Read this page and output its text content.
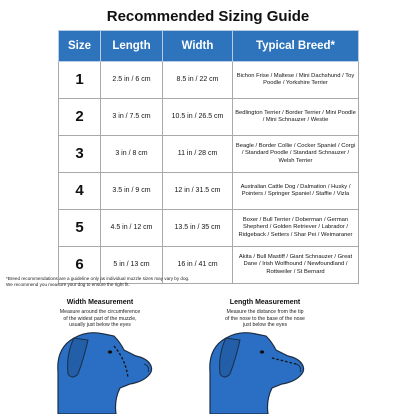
Recommended Sizing Guide
Size	Length	Width	Typical Breed*
1	2.5 in / 6 cm	8.5 in / 22 cm	Bichon Frise / Maltese / Mini Dachshund / Toy Poodle / Yorkshire Terrier
2	3 in / 7.5 cm	10.5 in / 26.5 cm	Bedlington Terrier / Border Terrier / Mini Poodle / Mini Schnauzer / Westie
3	3 in / 8 cm	11 in / 28 cm	Beagle / Border Collie / Cocker Spaniel / Corgi / Standard Poodle / Standard Schnauzer / Welsh Terrier
4	3.5 in / 9 cm	12 in / 31.5 cm	Australian Cattle Dog / Dalmation / Husky / Pointers / Springer Spaniel / Staffie / Vizla
5	4.5 in / 12 cm	13.5 in / 35 cm	Boxer / Bull Terrier / Doberman / German Shepherd / Golden Retriever / Labrador / Ridgeback / Setters / Shar Pei / Weimaraner
6	5 in / 13 cm	16 in / 41 cm	Akita / Bull Mastiff / Giant Schnauzer / Great Dane / Irish Wolfhound / Newfoundland / Rottweiler / St Bernard
*Breed recommendations are a guideline only as individual muzzle sizes may vary by dog.
We recommend you measure your dog to ensure the right fit.
Width Measurement
Measure around the circumference
of the widest part of the muzzle,
usually just below the eyes
Length Measurement
Measure the distance from the tip
of the nose to the base of the nose
just below the eyes
